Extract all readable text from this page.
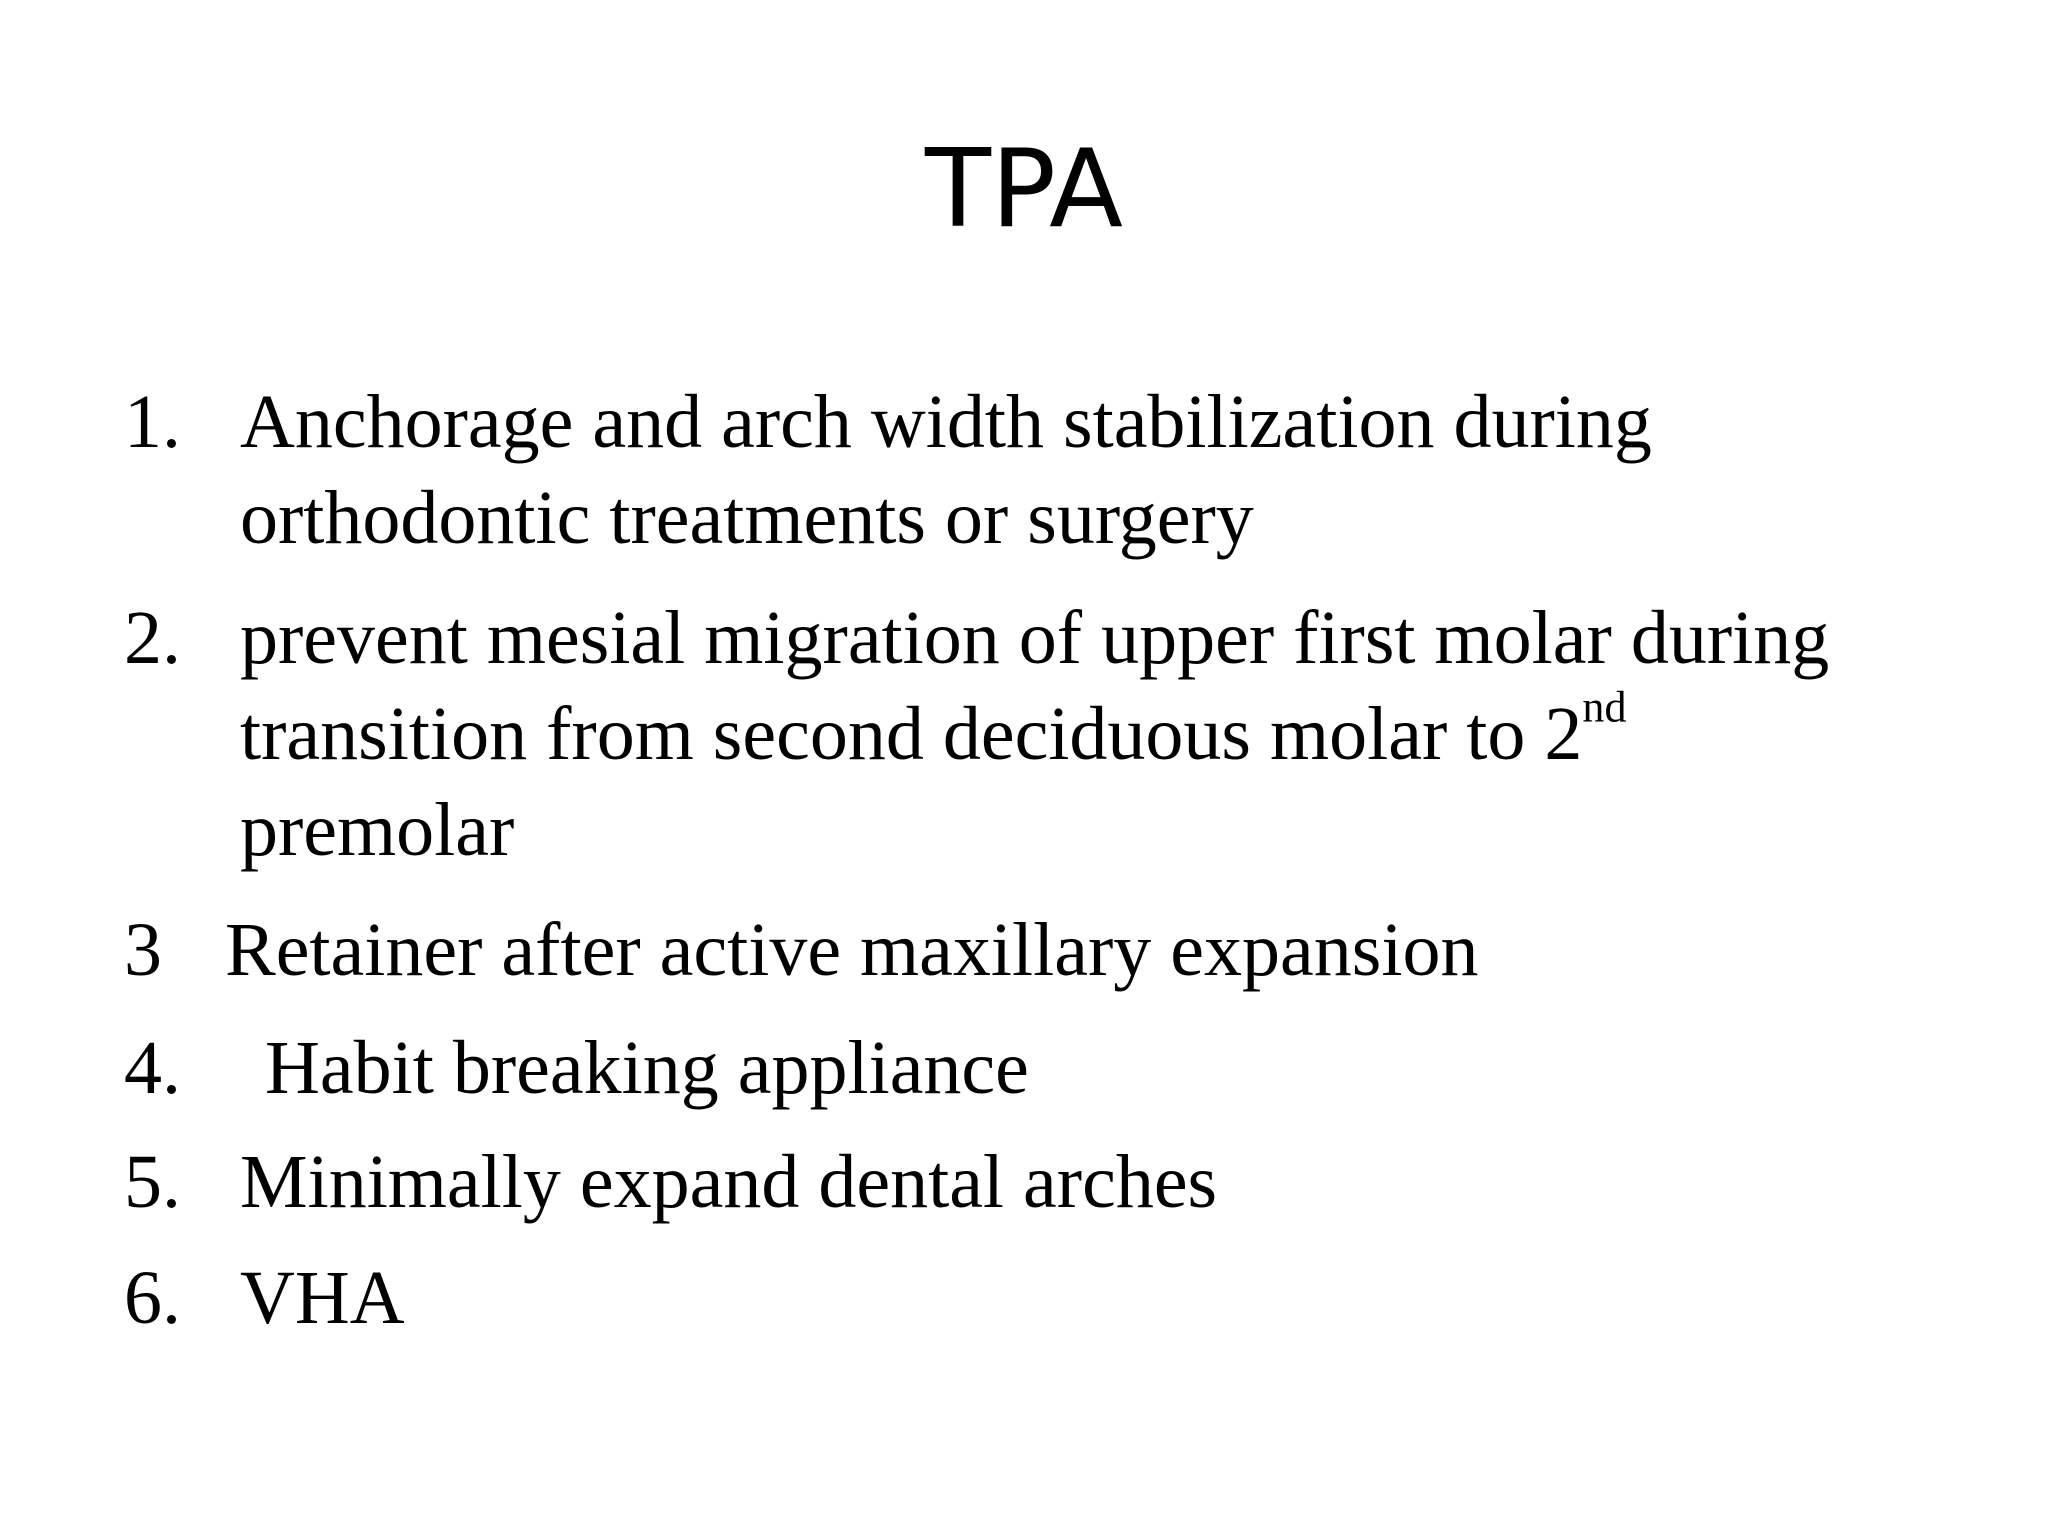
TPA
1. Anchorage and arch width stabilization during
orthodontic treatments or surgery
2. prevent mesial migration of upper first molar during
transition from second deciduous molar to 2nd
premolar
3 Retainer after active maxillary expansion
4. Habit breaking appliance
5. Minimally expand dental arches
6. VHA
